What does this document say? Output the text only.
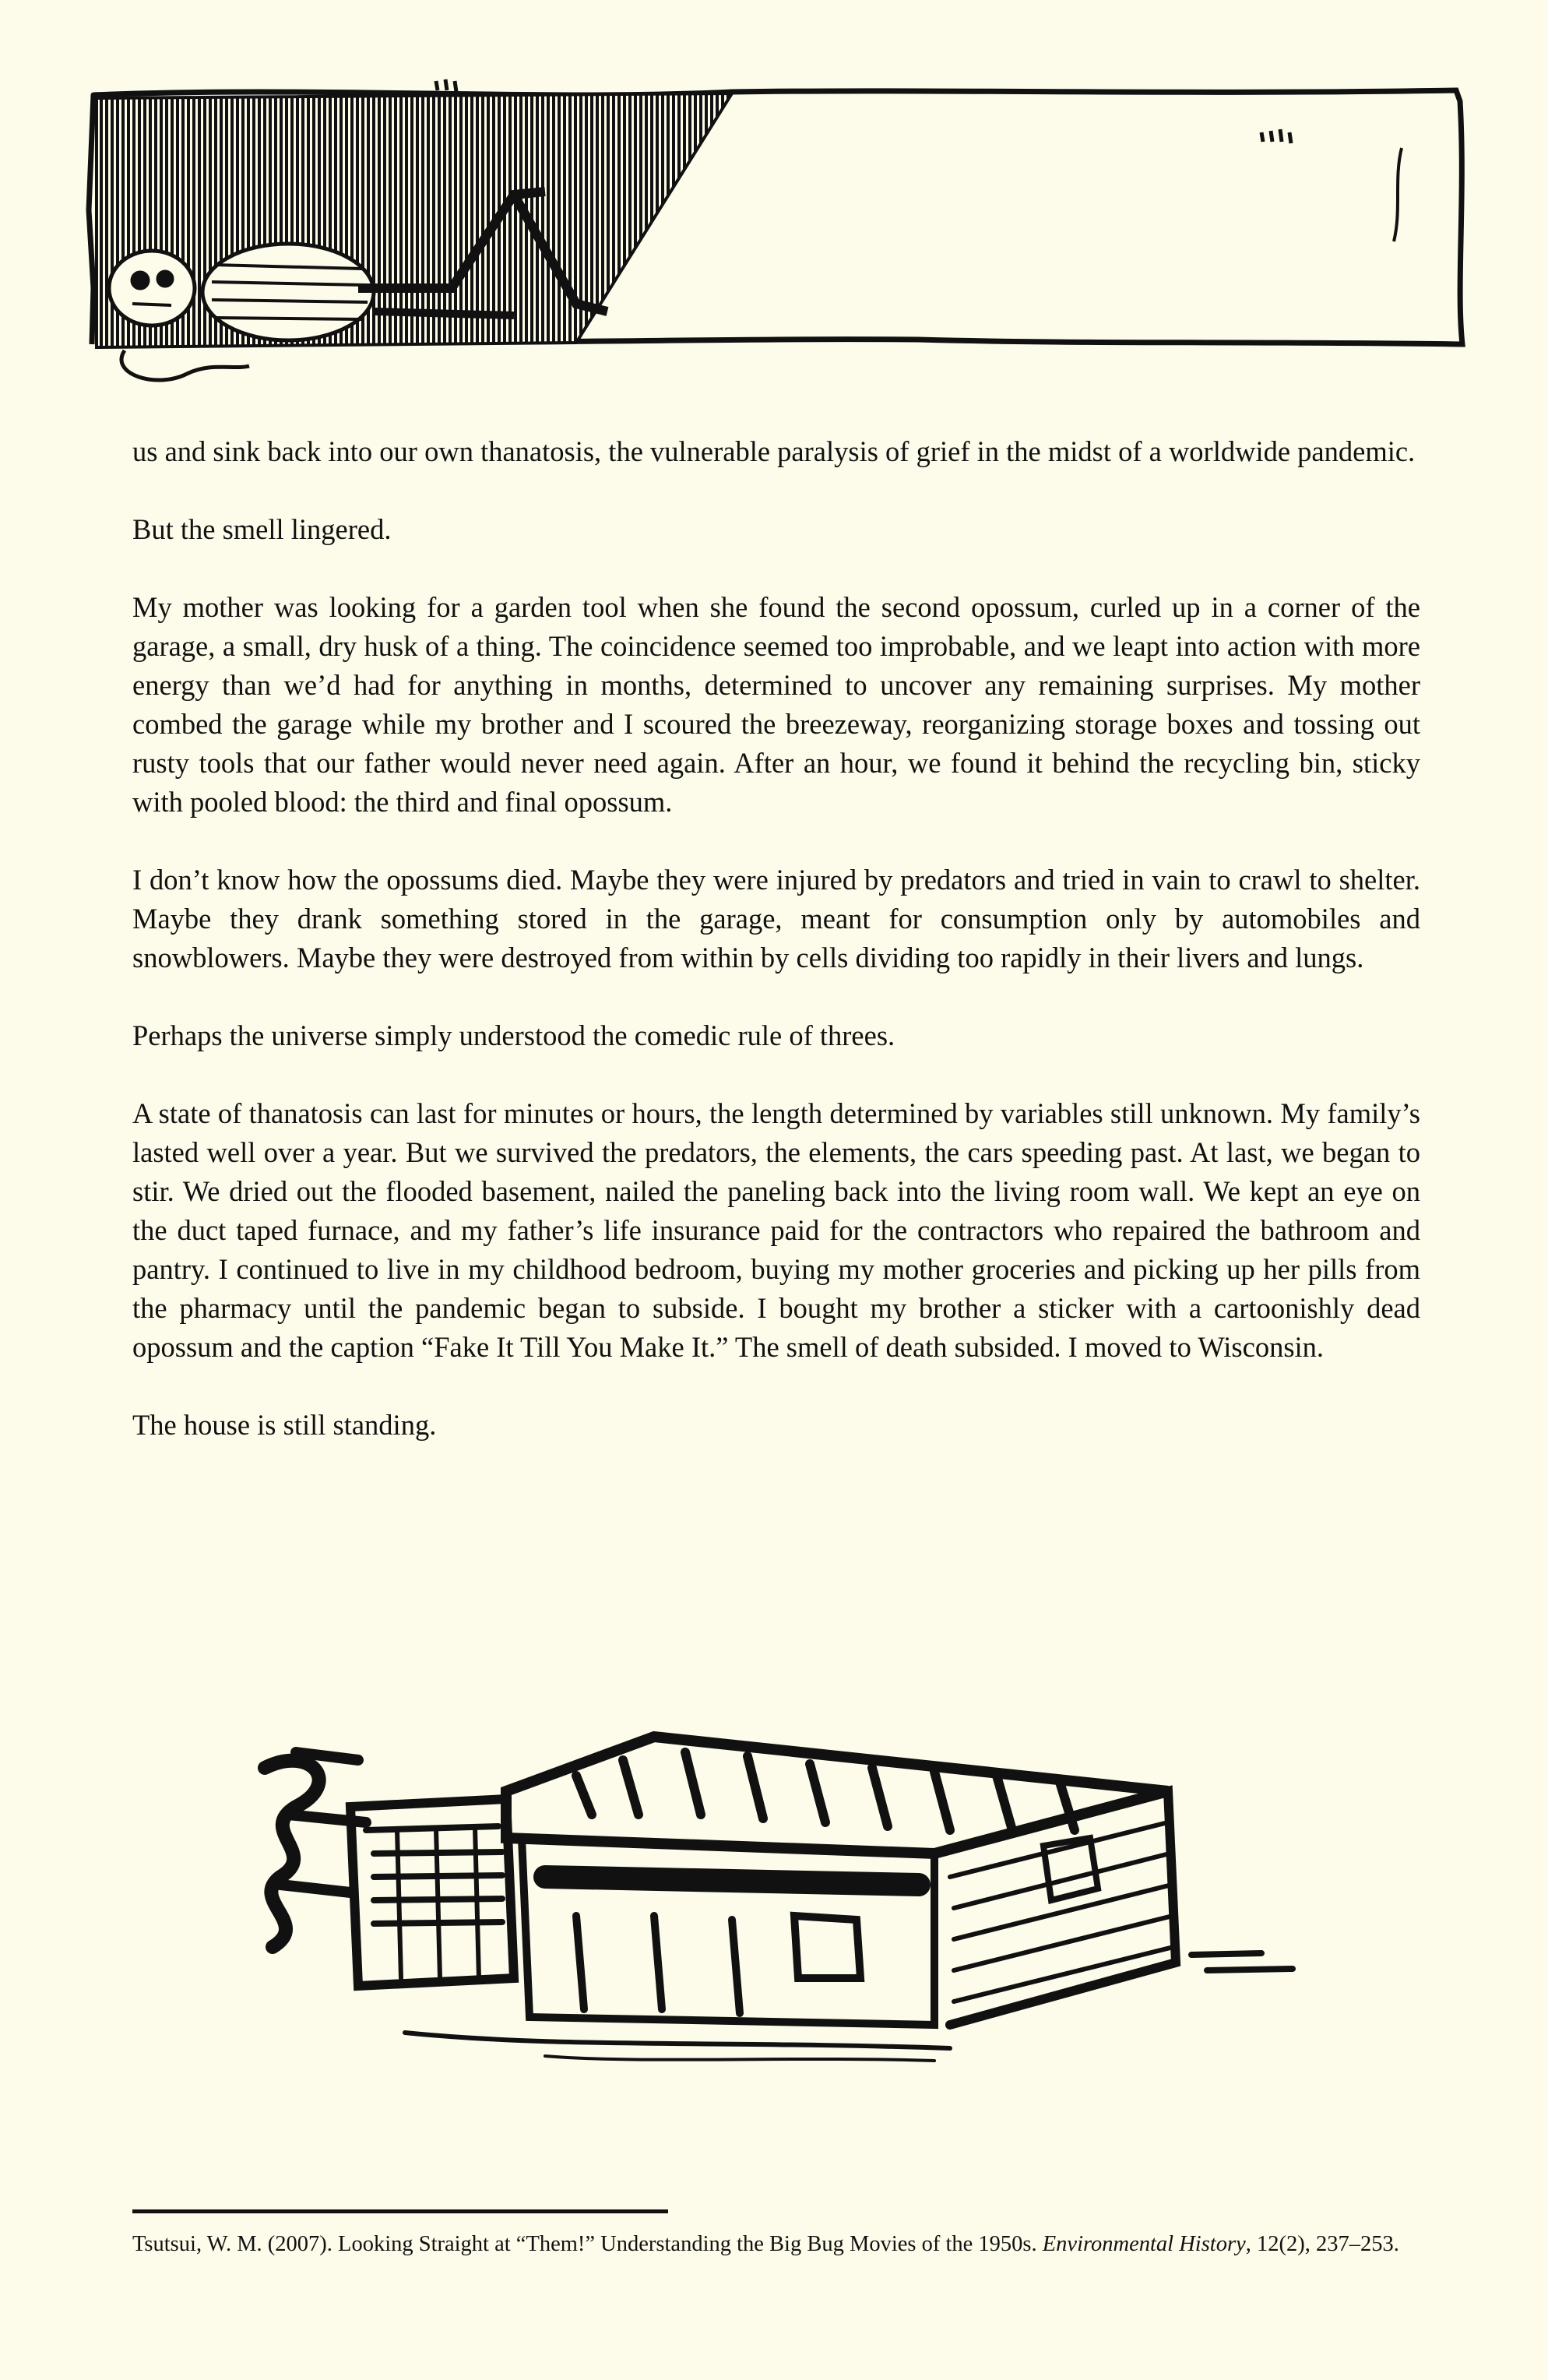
us and sink back into our own thanatosis, the vulnerable paralysis of grief in the midst of a worldwide pandemic.

But the smell lingered.

My mother was looking for a garden tool when she found the second opossum, curled up in a corner of the garage, a small, dry husk of a thing. The coincidence seemed too improbable, and we leapt into action with more energy than we’d had for anything in months, determined to uncover any remaining surprises. My mother combed the garage while my brother and I scoured the breezeway, reorganizing storage boxes and tossing out rusty tools that our father would never need again. After an hour, we found it behind the recycling bin, sticky with pooled blood: the third and final opossum.

I don’t know how the opossums died. Maybe they were injured by predators and tried in vain to crawl to shelter. Maybe they drank something stored in the garage, meant for consumption only by automobiles and snowblowers. Maybe they were destroyed from within by cells dividing too rapidly in their livers and lungs.

Perhaps the universe simply understood the comedic rule of threes.

A state of thanatosis can last for minutes or hours, the length determined by variables still unknown. My family’s lasted well over a year. But we survived the predators, the elements, the cars speeding past. At last, we began to stir. We dried out the flooded basement, nailed the paneling back into the living room wall. We kept an eye on the duct taped furnace, and my father’s life insurance paid for the contractors who repaired the bathroom and pantry. I continued to live in my childhood bedroom, buying my mother groceries and picking up her pills from the pharmacy until the pandemic began to subside. I bought my brother a sticker with a cartoonishly dead opossum and the caption “Fake It Till You Make It.” The smell of death subsided. I moved to Wisconsin.

The house is still standing.

Tsutsui, W. M. (2007). Looking Straight at “Them!” Understanding the Big Bug Movies of the 1950s. Environmental History, 12(2), 237–253.
